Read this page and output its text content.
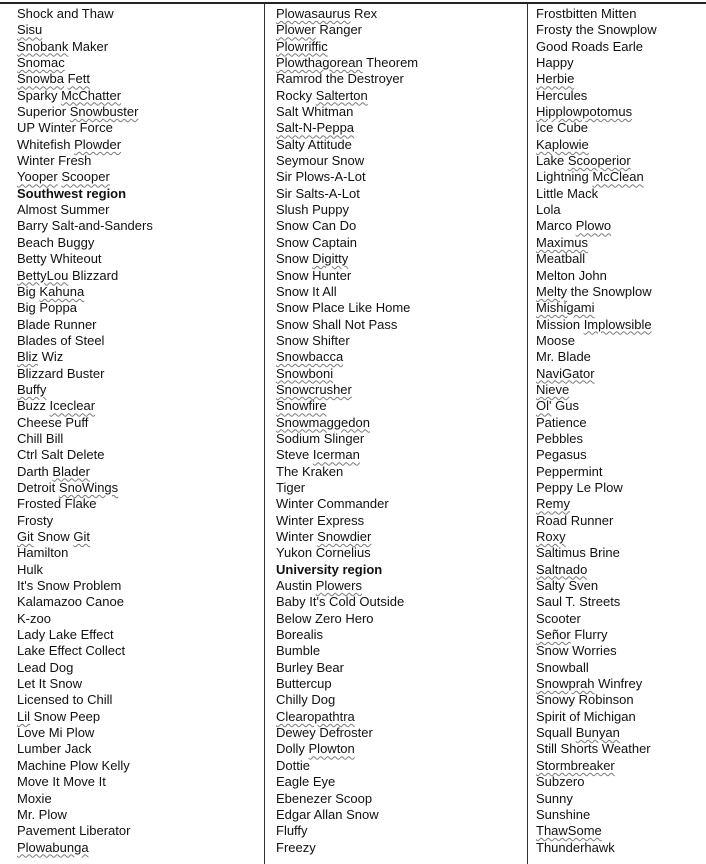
Shock and Thaw
Sisu
Snobank Maker
Snomac
Snowba Fett
Sparky McChatter
Superior Snowbuster
UP Winter Force
Whitefish Plowder
Winter Fresh
Yooper Scooper
Southwest region
Almost Summer
Barry Salt-and-Sanders
Beach Buggy
Betty Whiteout
BettyLou Blizzard
Big Kahuna
Big Poppa
Blade Runner
Blades of Steel
Bliz Wiz
Blizzard Buster
Buffy
Buzz Iceclear
Cheese Puff
Chill Bill
Ctrl Salt Delete
Darth Blader
Detroit SnoWings
Frosted Flake
Frosty
Git Snow Git
Hamilton
Hulk
It's Snow Problem
Kalamazoo Canoe
K-zoo
Lady Lake Effect
Lake Effect Collect
Lead Dog
Let It Snow
Licensed to Chill
Lil Snow Peep
Love Mi Plow
Lumber Jack
Machine Plow Kelly
Move It Move It
Moxie
Mr. Plow
Pavement Liberator
Plowabunga
Plowasaurus Rex
Plower Ranger
Plowriffic
Plowthagorean Theorem
Ramrod the Destroyer
Rocky Salterton
Salt Whitman
Salt-N-Peppa
Salty Attitude
Seymour Snow
Sir Plows-A-Lot
Sir Salts-A-Lot
Slush Puppy
Snow Can Do
Snow Captain
Snow Digitty
Snow Hunter
Snow It All
Snow Place Like Home
Snow Shall Not Pass
Snow Shifter
Snowbacca
Snowboni
Snowcrusher
Snowfire
Snowmaggedon
Sodium Slinger
Steve Icerman
The Kraken
Tiger
Winter Commander
Winter Express
Winter Snowdier
Yukon Cornelius
University region
Austin Plowers
Baby It's Cold Outside
Below Zero Hero
Borealis
Bumble
Burley Bear
Buttercup
Chilly Dog
Clearopathtra
Dewey Defroster
Dolly Plowton
Dottie
Eagle Eye
Ebenezer Scoop
Edgar Allan Snow
Fluffy
Freezy
Frostbitten Mitten
Frosty the Snowplow
Good Roads Earle
Happy
Herbie
Hercules
Hipplowpotomus
Ice Cube
Kaplowie
Lake Scooperior
Lightning McClean
Little Mack
Lola
Marco Plowo
Maximus
Meatball
Melton John
Melty the Snowplow
Mishigami
Mission Implowsible
Moose
Mr. Blade
NaviGator
Nieve
Ol' Gus
Patience
Pebbles
Pegasus
Peppermint
Peppy Le Plow
Remy
Road Runner
Roxy
Saltimus Brine
Saltnado
Salty Sven
Saul T. Streets
Scooter
Señor Flurry
Snow Worries
Snowball
Snowprah Winfrey
Snowy Robinson
Spirit of Michigan
Squall Bunyan
Still Shorts Weather
Stormbreaker
Subzero
Sunny
Sunshine
ThawSome
Thunderhawk
